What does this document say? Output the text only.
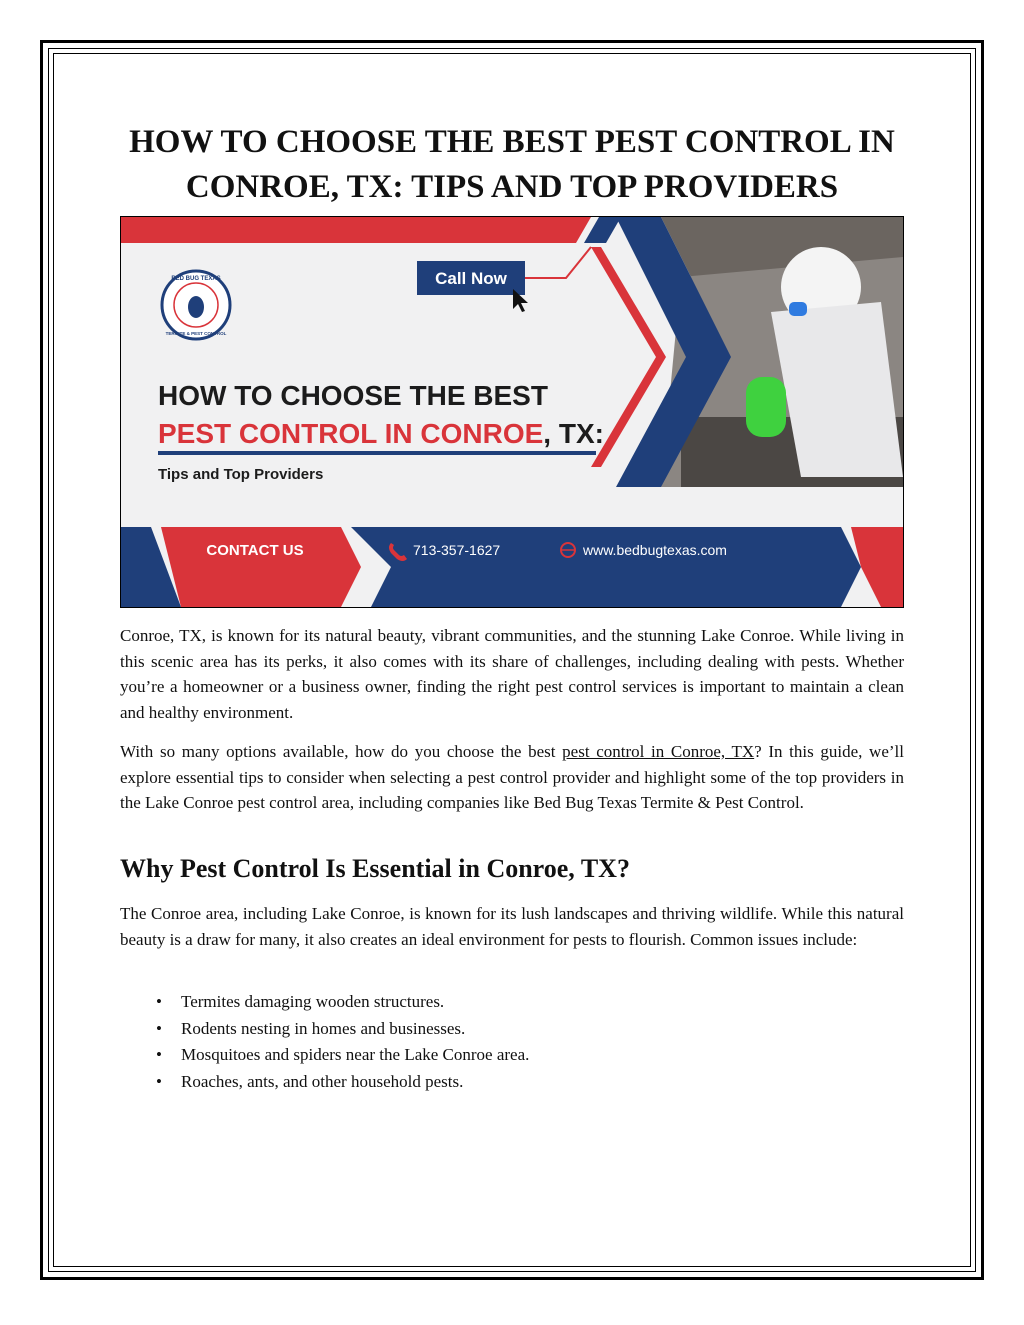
HOW TO CHOOSE THE BEST PEST CONTROL IN
CONROE, TX: TIPS AND TOP PROVIDERS
BED BUG TEXAS
TERMITE & PEST CONTROL
Call Now
HOW TO CHOOSE THE BEST
PEST CONTROL IN CONROE, TX:
Tips and Top Providers
CONTACT US	713-357-1627	www.bedbugtexas.com

Conroe, TX, is known for its natural beauty, vibrant communities, and the stunning Lake Conroe. While living in this scenic area has its perks, it also comes with its share of challenges, including dealing with pests. Whether you’re a homeowner or a business owner, finding the right pest control services is important to maintain a clean and healthy environment.

With so many options available, how do you choose the best pest control in Conroe, TX? In this guide, we’ll explore essential tips to consider when selecting a pest control provider and highlight some of the top providers in the Lake Conroe pest control area, including companies like Bed Bug Texas Termite & Pest Control.

Why Pest Control Is Essential in Conroe, TX?

The Conroe area, including Lake Conroe, is known for its lush landscapes and thriving wildlife. While this natural beauty is a draw for many, it also creates an ideal environment for pests to flourish. Common issues include:

• Termites damaging wooden structures.
• Rodents nesting in homes and businesses.
• Mosquitoes and spiders near the Lake Conroe area.
• Roaches, ants, and other household pests.
